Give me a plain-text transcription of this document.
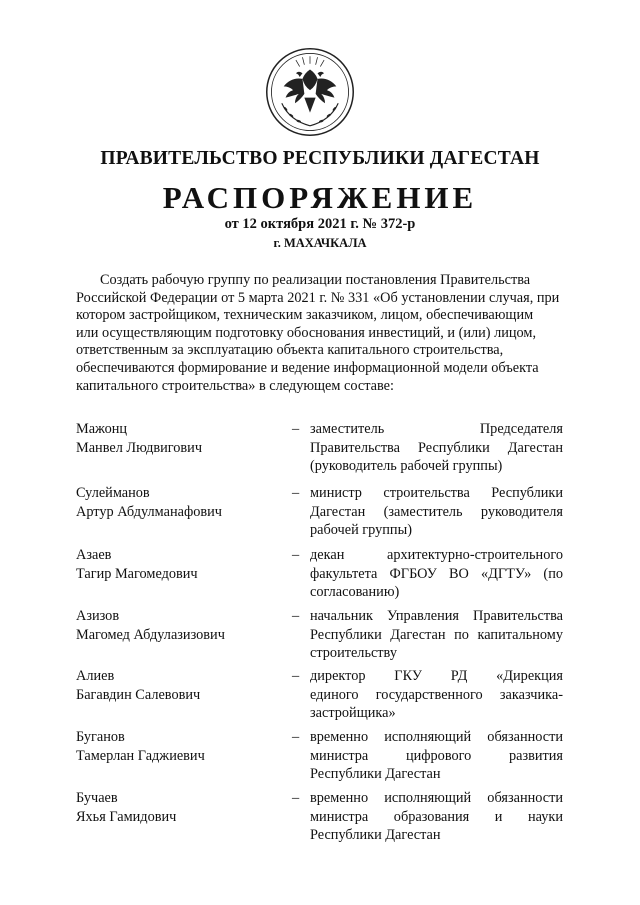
ПРАВИТЕЛЬСТВО РЕСПУБЛИКИ ДАГЕСТАН
РАСПОРЯЖЕНИЕ
от 12 октября 2021 г. № 372-р
г. МАХАЧКАЛА
Создать рабочую группу по реализации постановления Правительства
Российской Федерации от 5 марта 2021 г. № 331 «Об установлении случая, при
котором застройщиком, техническим заказчиком, лицом, обеспечивающим
или осуществляющим подготовку обоснования инвестиций, и (или) лицом,
ответственным за эксплуатацию объекта капитального строительства,
обеспечиваются формирование и ведение информационной модели объекта
капитального строительства» в следующем составе:
Мажонц
Манвел Людвигович
– заместитель Председателя
Правительства Республики Дагестан
(руководитель рабочей группы)
Сулейманов
Артур Абдулманафович
– министр строительства Республики
Дагестан (заместитель руководителя
рабочей группы)
Азаев
Тагир Магомедович
– декан архитектурно-строительного
факультета ФГБОУ ВО «ДГТУ» (по
согласованию)
Азизов
Магомед Абдулазизович
– начальник Управления Правительства
Республики Дагестан по капитальному
строительству
Алиев
Багавдин Салевович
– директор ГКУ РД «Дирекция
единого государственного заказчика-
застройщика»
Буганов
Тамерлан Гаджиевич
– временно исполняющий обязанности
министра цифрового развития
Республики Дагестан
Бучаев
Яхья Гамидович
– временно исполняющий обязанности
министра образования и науки
Республики Дагестан
